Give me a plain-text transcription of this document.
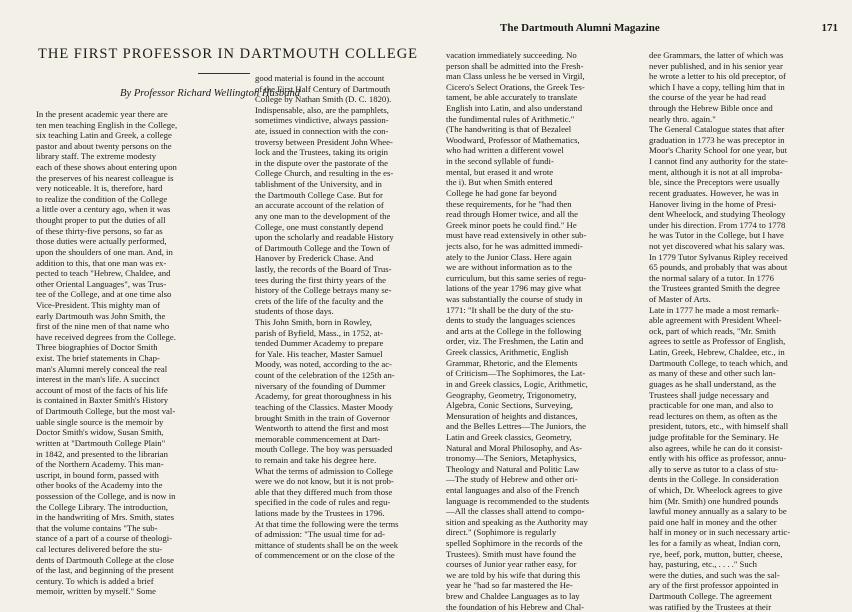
The Dartmouth Alumni Magazine	171
THE FIRST PROFESSOR IN DARTMOUTH COLLEGE
By Professor Richard Wellington Husband
In the present academic year there are
ten men teaching English in the College,
six teaching Latin and Greek, a college
pastor and about twenty persons on the
library staff. The extreme modesty
each of these shows about entering upon
the preserves of his nearest colleague is
very noticeable. It is, therefore, hard
to realize the condition of the College
a little over a century ago, when it was
thought proper to put the duties of all
of these thirty-five persons, so far as
those duties were actually performed,
upon the shoulders of one man. And, in
addition to this, that one man was ex-
pected to teach "Hebrew, Chaldee, and
other Oriental Languages", was Trus-
tee of the College, and at one time also
Vice-President. This mighty man of
early Dartmouth was John Smith, the
first of the nine men of that name who
have received degrees from the College.
Three biographies of Doctor Smith
exist. The brief statements in Chap-
man's Alumni merely conceal the real
interest in the man's life. A succinct
account of most of the facts of his life
is contained in Baxter Smith's History
of Dartmouth College, but the most val-
uable single source is the memoir by
Doctor Smith's widow, Susan Smith,
written at "Dartmouth College Plain"
in 1842, and presented to the librarian
of the Northern Academy. This man-
uscript, in bound form, passed with
other books of the Academy into the
possession of the College, and is now in
the College Library. The introduction,
in the handwriting of Mrs. Smith, states
that the volume contains "The sub-
stance of a part of a course of theologi-
cal lectures delivered before the stu-
dents of Dartmouth College at the close
of the last, and beginning of the present
century. To which is added a brief
memoir, written by myself." Some
good material is found in the account
of the First Half Century of Dartmouth
College by Nathan Smith (D. C. 1820).
Indispensable, also, are the pamphlets,
sometimes vindictive, always passion-
ate, issued in connection with the con-
troversy between President John Whee-
lock and the Trustees, taking its origin
in the dispute over the pastorate of the
College Church, and resulting in the es-
tablishment of the University, and in
the Dartmouth College Case. But for
an accurate account of the relation of
any one man to the development of the
College, one must constantly depend
upon the scholarly and readable History
of Dartmouth College and the Town of
Hanover by Frederick Chase. And
lastly, the records of the Board of Trus-
tees during the first thirty years of the
history of the College betrays many se-
crets of the life of the faculty and the
students of those days.
This John Smith, born in Rowley,
parish of Byfield, Mass., in 1752, at-
tended Dummer Academy to prepare
for Yale. His teacher, Master Samuel
Moody, was noted, according to the ac-
count of the celebration of the 125th an-
niversary of the founding of Dummer
Academy, for great thoroughness in his
teaching of the Classics. Master Moody
brought Smith in the train of Governor
Wentworth to attend the first and most
memorable commencement at Dart-
mouth College. The boy was persuaded
to remain and take his degree here.
What the terms of admission to College
were we do not know, but it is not prob-
able that they differed much from those
specified in the code of rules and regu-
lations made by the Trustees in 1796.
At that time the following were the terms
of admission: "The usual time for ad-
mittance of students shall be on the week
of commencement or on the close of the
vacation immediately succeeding. No
person shall be admitted into the Fresh-
man Class unless he be versed in Virgil,
Cicero's Select Orations, the Greek Tes-
tament, be able accurately to translate
English into Latin, and also understand
the fundimental rules of Arithmetic."
(The handwriting is that of Bezaleel
Woodward, Professor of Mathematics,
who had written a different vowel
in the second syllable of fundi-
mental, but erased it and wrote
the i). But when Smith entered
College he had gone far beyond
these requirements, for he "had then
read through Homer twice, and all the
Greek minor poets he could find." He
must have read extensively in other sub-
jects also, for he was admitted immedi-
ately to the Junior Class. Here again
we are without information as to the
curriculum, but this same series of regu-
lations of the year 1796 may give what
was substantially the course of study in
1771: "It shall be the duty of the stu-
dents to study the languages sciences
and arts at the College in the following
order, viz. The Freshmen, the Latin and
Greek classics, Arithmetic, English
Grammar, Rhetoric, and the Elements
of Criticism—The Sophimores, the Lat-
in and Greek classics, Logic, Arithmetic,
Geography, Geometry, Trigonometry,
Algebra, Conic Sections, Surveying,
Mensuration of heights and distances,
and the Belles Lettres—The Juniors, the
Latin and Greek classics, Geometry,
Natural and Moral Philosophy, and As-
tronomy—The Seniors, Metaphysics,
Theology and Natural and Politic Law
—The study of Hebrew and other ori-
ental languages and also of the French
language is recommended to the students
—All the classes shall attend to compo-
sition and speaking as the Authority may
direct." (Sophimore is regularly
spelled Sophimore in the records of the
Trustees). Smith must have found the
courses of Junior year rather easy, for
we are told by his wife that during this
year he "had so far mastered the He-
brew and Chaldee Languages as to lay
the foundation of his Hebrew and Chal-
dee Grammars, the latter of which was
never published, and in his senior year
he wrote a letter to his old preceptor, of
which I have a copy, telling him that in
the course of the year he had read
through the Hebrew Bible once and
nearly thro. again."
The General Catalogue states that after
graduation in 1773 he was preceptor in
Moor's Charity School for one year, but
I cannot find any authority for the state-
ment, although it is not at all improba-
ble, since the Preceptors were usually
recent graduates. However, he was in
Hanover living in the home of Presi-
dent Wheelock, and studying Theology
under his direction. From 1774 to 1778
he was Tutor in the College, but I have
not yet discovered what his salary was.
In 1779 Tutor Sylvanus Ripley received
65 pounds, and probably that was about
the normal salary of a tutor. In 1776
the Trustees granted Smith the degree
of Master of Arts.
Late in 1777 he made a most remark-
able agreement with President Wheel-
ock, part of which reads, "Mr. Smith
agrees to settle as Professor of English,
Latin, Greek, Hebrew, Chaldee, etc., in
Dartmouth College, to teach which, and
as many of these and other such lan-
guages as he shall understand, as the
Trustees shall judge necessary and
practicable for one man, and also to
read lectures on them, as often as the
president, tutors, etc., with himself shall
judge profitable for the Seminary. He
also agrees, while he can do it consist-
ently with his office as professor, annu-
ally to serve as tutor to a class of stu-
dents in the College. In consideration
of which, Dr. Wheelock agrees to give
him (Mr. Smith) one hundred pounds
lawful money annually as a salary to be
paid one half in money and the other
half in money or in such necessary artic-
les for a family as wheat, Indian corn,
rye, beef, pork, mutton, butter, cheese,
hay, pasturing, etc., . . . ." Such
were the duties, and such was the sal-
ary of the first professor appointed in
Dartmouth College. The agreement
was ratified by the Trustees at their
